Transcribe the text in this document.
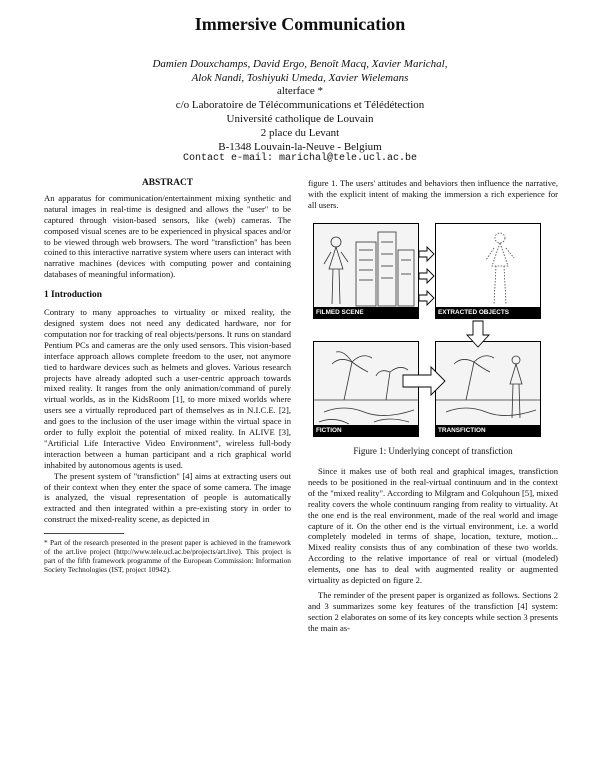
Immersive Communication
Damien Douxchamps, David Ergo, Benoît Macq, Xavier Marichal,
Alok Nandi, Toshiyuki Umeda, Xavier Wielemans
alterface *
c/o Laboratoire de Télécommunications et Télédétection
Université catholique de Louvain
2 place du Levant
B-1348 Louvain-la-Neuve - Belgium
Contact e-mail: marichal@tele.ucl.ac.be
ABSTRACT

An apparatus for communication/entertainment mixing synthetic and natural images in real-time is designed and allows the "user" to be captured through vision-based sensors, like (web) cameras. The composed visual scenes are to be experienced in physical spaces and/or to be viewed through web browsers. The word "transfiction" has been coined to this interactive narrative system where users can interact with narrative machines (devices with computing power and containing databases of meaningful information).

1 Introduction

Contrary to many approaches to virtuality or mixed reality, the designed system does not need any dedicated hardware, nor for computation nor for tracking of real objects/persons. It runs on standard Pentium PCs and cameras are the only used sensors. This vision-based interface approach allows complete freedom to the user, not anymore tied to hardware devices such as helmets and gloves. Various research projects have already adopted such a user-centric approach towards mixed reality. It ranges from the only animation/command of purely virtual worlds, as in the KidsRoom [1], to more mixed worlds where users see a virtually reproduced part of themselves as in N.I.C.E. [2], and goes to the inclusion of the user image within the virtual space in order to fully exploit the potential of mixed reality. In ALIVE [3], "Artificial Life Interactive Video Environment", wireless full-body interaction between a human participant and a rich graphical world inhabited by autonomous agents is used.

The present system of "transfiction" [4] aims at extracting users out of their context when they enter the space of some camera. The image is analyzed, the visual representation of people is automatically extracted and then integrated within a pre-existing story in order to construct the mixed-reality scene, as depicted in

* Part of the research presented in the present paper is achieved in the framework of the art.live project (http://www.tele.ucl.ac.be/projects/art.live). This project is part of the fifth framework programme of the European Commission: Information Society Technologies (IST, project 10942).

figure 1. The users' attitudes and behaviors then influence the narrative, with the explicit intent of making the immersion a rich experience for all users.

FILMED SCENE	EXTRACTED OBJECTS
FICTION	TRANSFICTION
Figure 1: Underlying concept of transfiction

Since it makes use of both real and graphical images, transfiction needs to be positioned in the real-virtual continuum and in the context of the "mixed reality". According to Milgram and Colquhoun [5], mixed reality covers the whole continuum ranging from reality to virtuality. At the one end is the real environment, made of the real world and image capture of it. On the other end is the virtual environment, i.e. a world completely modeled in terms of shape, location, texture, motion... Mixed reality consists thus of any combination of these two worlds. According to the relative importance of real or virtual (modeled) elements, one has to deal with augmented reality or augmented virtuality as depicted on figure 2.

The reminder of the present paper is organized as follows. Sections 2 and 3 summarizes some key features of the transfiction [4] system: section 2 elaborates on some of its key concepts while section 3 presents the main as-
